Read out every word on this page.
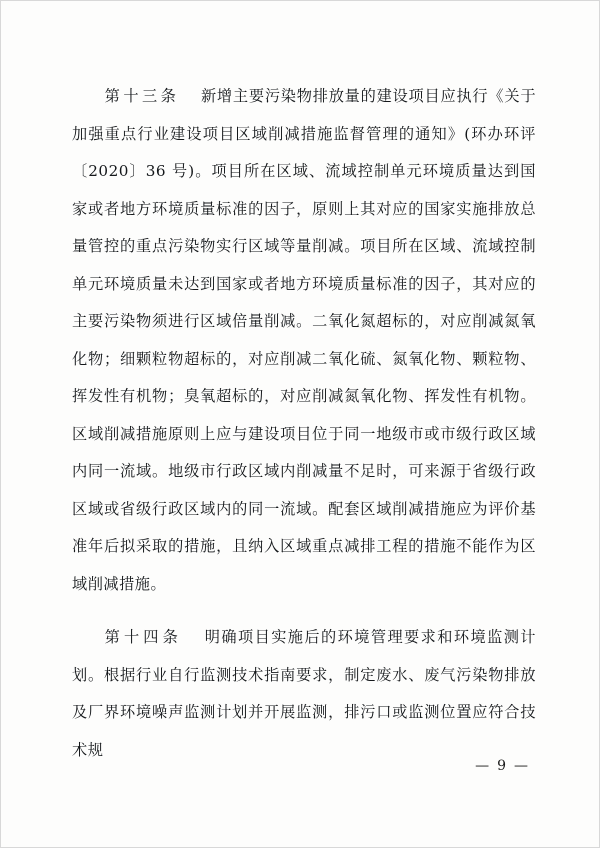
第十三条 　 新增主要污染物排放量的建设项目应执行《关于加强重点行业建设项目区域削减措施监督管理的通知》(环办环评〔2020〕36 号)。项目所在区域、流域控制单元环境质量达到国家或者地方环境质量标准的因子，原则上其对应的国家实施排放总量管控的重点污染物实行区域等量削减。项目所在区域、流域控制单元环境质量未达到国家或者地方环境质量标准的因子，其对应的主要污染物须进行区域倍量削减。二氧化氮超标的，对应削减氮氧化物；细颗粒物超标的，对应削减二氧化硫、氮氧化物、颗粒物、挥发性有机物；臭氧超标的，对应削减氮氧化物、挥发性有机物。区域削减措施原则上应与建设项目位于同一地级市或市级行政区域内同一流域。地级市行政区域内削减量不足时，可来源于省级行政区域或省级行政区域内的同一流域。配套区域削减措施应为评价基准年后拟采取的措施，且纳入区域重点减排工程的措施不能作为区域削减措施。

第十四条 　 明确项目实施后的环境管理要求和环境监测计划。根据行业自行监测技术指南要求，制定废水、废气污染物排放及厂界环境噪声监测计划并开展监测，排污口或监测位置应符合技术规

— 9 —
